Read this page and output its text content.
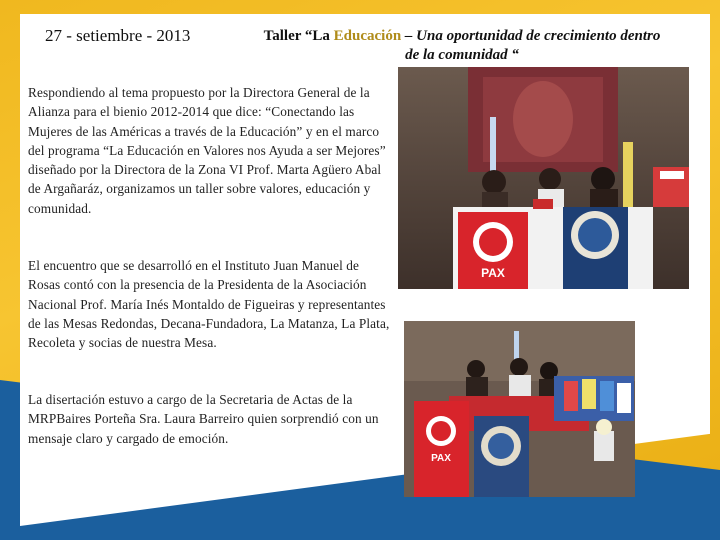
27 - setiembre - 2013	Taller “La Educación – Una oportunidad de crecimiento dentro de la comunidad “
Respondiendo al tema propuesto por la Directora General de la Alianza para el bienio 2012-2014 que dice: “Conectando las Mujeres de las Américas a través de la Educación” y en el marco del programa “La Educación en Valores nos Ayuda a ser Mejores” diseñado por la Directora de la Zona VI Prof. Marta Agüero Abal de Argañaráz, organizamos un taller sobre valores, educación y comunidad.
El encuentro que se desarrolló en el Instituto Juan Manuel de Rosas contó con la presencia de la Presidenta de la Asociación Nacional Prof. María Inés Montaldo de Figueiras y representantes de las Mesas Redondas, Decana-Fundadora, La Matanza, La Plata, Recoleta y socias de nuestra Mesa.
La disertación estuvo a cargo de la Secretaria de Actas de la MRPBaires Porteña Sra. Laura Barreiro quien sorprendió con un mensaje claro y cargado de emoción.
PAX
PAX
